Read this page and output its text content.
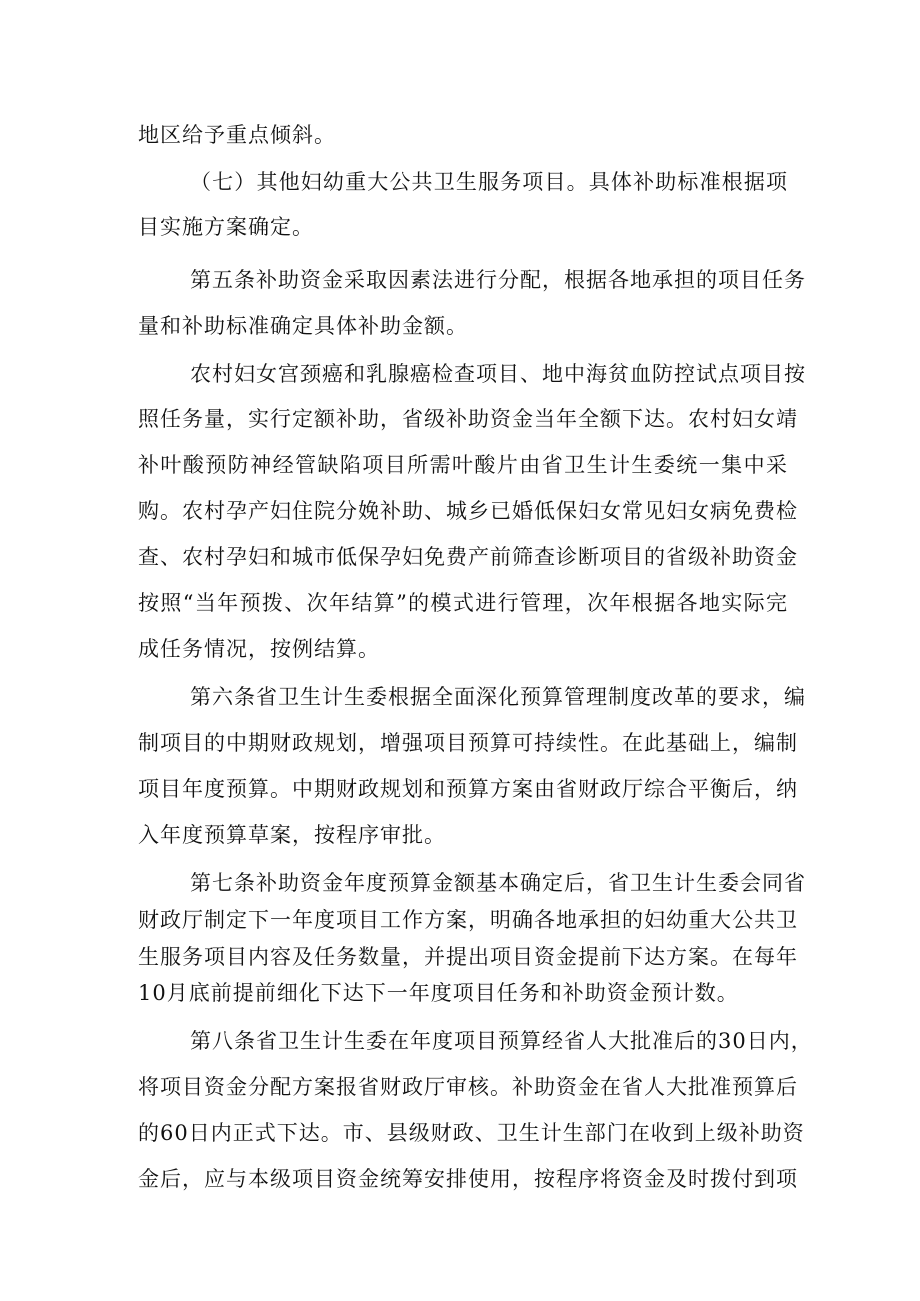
地区给予重点倾斜。
（七）其他妇幼重大公共卫生服务项目。具体补助标准根据项
目实施方案确定。
第五条补助资金采取因素法进行分配，根据各地承担的项目任务
量和补助标准确定具体补助金额。
农村妇女宫颈癌和乳腺癌检查项目、地中海贫血防控试点项目按
照任务量，实行定额补助，省级补助资金当年全额下达。农村妇女靖
补叶酸预防神经管缺陷项目所需叶酸片由省卫生计生委统一集中采
购。农村孕产妇住院分娩补助、城乡已婚低保妇女常见妇女病免费检
查、农村孕妇和城市低保孕妇免费产前筛查诊断项目的省级补助资金
按照“当年预拨、次年结算”的模式进行管理，次年根据各地实际完
成任务情况，按例结算。
第六条省卫生计生委根据全面深化预算管理制度改革的要求，编
制项目的中期财政规划，增强项目预算可持续性。在此基础上，编制
项目年度预算。中期财政规划和预算方案由省财政厅综合平衡后，纳
入年度预算草案，按程序审批。
第七条补助资金年度预算金额基本确定后，省卫生计生委会同省
财政厅制定下一年度项目工作方案，明确各地承担的妇幼重大公共卫
生服务项目内容及任务数量，并提出项目资金提前下达方案。在每年
10月底前提前细化下达下一年度项目任务和补助资金预计数。
第八条省卫生计生委在年度项目预算经省人大批准后的30日内，
将项目资金分配方案报省财政厅审核。补助资金在省人大批准预算后
的60日内正式下达。市、县级财政、卫生计生部门在收到上级补助资
金后，应与本级项目资金统筹安排使用，按程序将资金及时拨付到项
